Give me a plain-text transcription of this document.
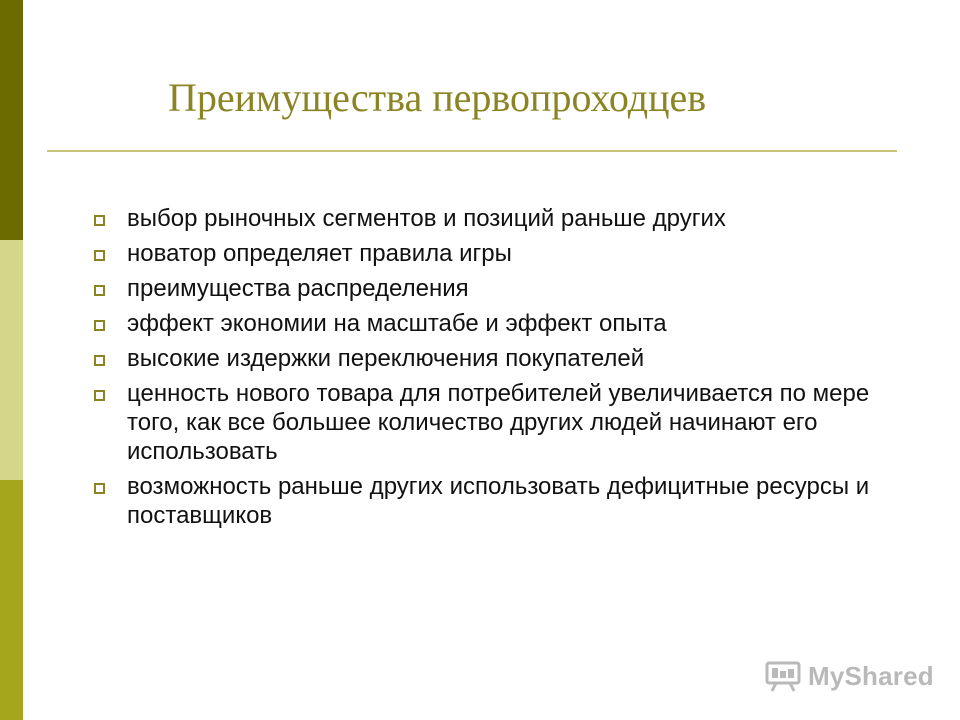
Преимущества первопроходцев
выбор рыночных сегментов и позиций раньше других
новатор определяет правила игры
преимущества распределения
эффект экономии на масштабе и эффект опыта
высокие издержки переключения покупателей
ценность нового товара для потребителей увеличивается по мере того, как все большее количество других людей начинают его использовать
возможность раньше других использовать дефицитные ресурсы и поставщиков
MyShared
